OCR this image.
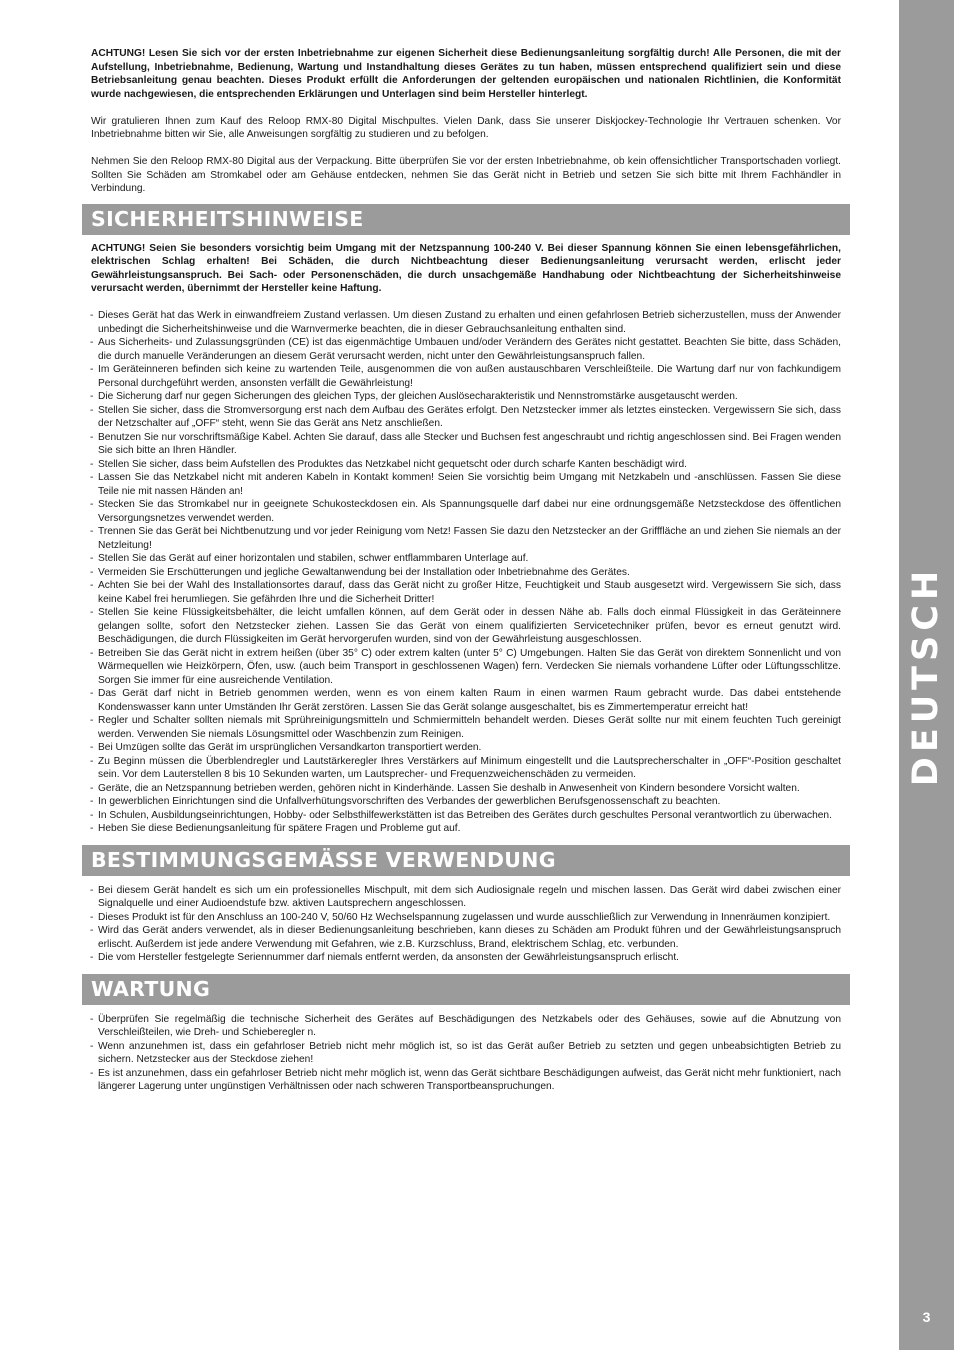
DEUTSCH
3

ACHTUNG! Lesen Sie sich vor der ersten Inbetriebnahme zur eigenen Sicherheit diese Bedienungsanleitung sorgfältig durch! Alle Personen, die mit der Aufstellung, Inbetriebnahme, Bedienung, Wartung und Instandhaltung dieses Gerätes zu tun haben, müssen entsprechend qualifiziert sein und diese Betriebsanleitung genau beachten. Dieses Produkt erfüllt die Anforderungen der geltenden europäischen und nationalen Richtlinien, die Konformität wurde nachgewiesen, die entsprechenden Erklärungen und Unterlagen sind beim Hersteller hinterlegt.

Wir gratulieren Ihnen zum Kauf des Reloop RMX-80 Digital Mischpultes. Vielen Dank, dass Sie unserer Diskjockey-Technologie Ihr Vertrauen schenken. Vor Inbetriebnahme bitten wir Sie, alle Anweisungen sorgfältig zu studieren und zu befolgen.

Nehmen Sie den Reloop RMX-80 Digital aus der Verpackung. Bitte überprüfen Sie vor der ersten Inbetriebnahme, ob kein offensichtlicher Transportschaden vorliegt. Sollten Sie Schäden am Stromkabel oder am Gehäuse entdecken, nehmen Sie das Gerät nicht in Betrieb und setzen Sie sich bitte mit Ihrem Fachhändler in Verbindung.

SICHERHEITSHINWEISE

ACHTUNG! Seien Sie besonders vorsichtig beim Umgang mit der Netzspannung 100-240 V. Bei dieser Spannung können Sie einen lebensgefährlichen, elektrischen Schlag erhalten! Bei Schäden, die durch Nichtbeachtung dieser Bedienungsanleitung verursacht werden, erlischt jeder Gewährleistungsanspruch. Bei Sach- oder Personenschäden, die durch unsachgemäße Handhabung oder Nichtbeachtung der Sicherheitshinweise verursacht werden, übernimmt der Hersteller keine Haftung.

- Dieses Gerät hat das Werk in einwandfreiem Zustand verlassen. Um diesen Zustand zu erhalten und einen gefahrlosen Betrieb sicherzustellen, muss der Anwender unbedingt die Sicherheitshinweise und die Warnvermerke beachten, die in dieser Gebrauchsanleitung enthalten sind.
- Aus Sicherheits- und Zulassungsgründen (CE) ist das eigenmächtige Umbauen und/oder Verändern des Gerätes nicht gestattet. Beachten Sie bitte, dass Schäden, die durch manuelle Veränderungen an diesem Gerät verursacht werden, nicht unter den Gewährleistungsanspruch fallen.
- Im Geräteinneren befinden sich keine zu wartenden Teile, ausgenommen die von außen austauschbaren Verschleißteile. Die Wartung darf nur von fachkundigem Personal durchgeführt werden, ansonsten verfällt die Gewährleistung!
- Die Sicherung darf nur gegen Sicherungen des gleichen Typs, der gleichen Auslösecharakteristik und Nennstromstärke ausgetauscht werden.
- Stellen Sie sicher, dass die Stromversorgung erst nach dem Aufbau des Gerätes erfolgt. Den Netzstecker immer als letztes einstecken. Vergewissern Sie sich, dass der Netzschalter auf „OFF“ steht, wenn Sie das Gerät ans Netz anschließen.
- Benutzen Sie nur vorschriftsmäßige Kabel. Achten Sie darauf, dass alle Stecker und Buchsen fest angeschraubt und richtig angeschlossen sind. Bei Fragen wenden Sie sich bitte an Ihren Händler.
- Stellen Sie sicher, dass beim Aufstellen des Produktes das Netzkabel nicht gequetscht oder durch scharfe Kanten beschädigt wird.
- Lassen Sie das Netzkabel nicht mit anderen Kabeln in Kontakt kommen! Seien Sie vorsichtig beim Umgang mit Netzkabeln und -anschlüssen. Fassen Sie diese Teile nie mit nassen Händen an!
- Stecken Sie das Stromkabel nur in geeignete Schukosteckdosen ein. Als Spannungsquelle darf dabei nur eine ordnungsgemäße Netzsteckdose des öffentlichen Versorgungsnetzes verwendet werden.
- Trennen Sie das Gerät bei Nichtbenutzung und vor jeder Reinigung vom Netz! Fassen Sie dazu den Netzstecker an der Grifffläche an und ziehen Sie niemals an der Netzleitung!
- Stellen Sie das Gerät auf einer horizontalen und stabilen, schwer entflammbaren Unterlage auf.
- Vermeiden Sie Erschütterungen und jegliche Gewaltanwendung bei der Installation oder Inbetriebnahme des Gerätes.
- Achten Sie bei der Wahl des Installationsortes darauf, dass das Gerät nicht zu großer Hitze, Feuchtigkeit und Staub ausgesetzt wird. Vergewissern Sie sich, dass keine Kabel frei herumliegen. Sie gefährden Ihre und die Sicherheit Dritter!
- Stellen Sie keine Flüssigkeitsbehälter, die leicht umfallen können, auf dem Gerät oder in dessen Nähe ab. Falls doch einmal Flüssigkeit in das Geräteinnere gelangen sollte, sofort den Netzstecker ziehen. Lassen Sie das Gerät von einem qualifizierten Servicetechniker prüfen, bevor es erneut genutzt wird. Beschädigungen, die durch Flüssigkeiten im Gerät hervorgerufen wurden, sind von der Gewährleistung ausgeschlossen.
- Betreiben Sie das Gerät nicht in extrem heißen (über 35° C) oder extrem kalten (unter 5° C) Umgebungen. Halten Sie das Gerät von direktem Sonnenlicht und von Wärmequellen wie Heizkörpern, Öfen, usw. (auch beim Transport in geschlossenen Wagen) fern. Verdecken Sie niemals vorhandene Lüfter oder Lüftungsschlitze. Sorgen Sie immer für eine ausreichende Ventilation.
- Das Gerät darf nicht in Betrieb genommen werden, wenn es von einem kalten Raum in einen warmen Raum gebracht wurde. Das dabei entstehende Kondenswasser kann unter Umständen Ihr Gerät zerstören. Lassen Sie das Gerät solange ausgeschaltet, bis es Zimmertemperatur erreicht hat!
- Regler und Schalter sollten niemals mit Sprühreinigungsmitteln und Schmiermitteln behandelt werden. Dieses Gerät sollte nur mit einem feuchten Tuch gereinigt werden. Verwenden Sie niemals Lösungsmittel oder Waschbenzin zum Reinigen.
- Bei Umzügen sollte das Gerät im ursprünglichen Versandkarton transportiert werden.
- Zu Beginn müssen die Überblendregler und Lautstärkeregler Ihres Verstärkers auf Minimum eingestellt und die Lautsprecherschalter in „OFF“-Position geschaltet sein. Vor dem Lauterstellen 8 bis 10 Sekunden warten, um Lautsprecher- und Frequenzweichenschäden zu vermeiden.
- Geräte, die an Netzspannung betrieben werden, gehören nicht in Kinderhände. Lassen Sie deshalb in Anwesenheit von Kindern besondere Vorsicht walten.
- In gewerblichen Einrichtungen sind die Unfallverhütungsvorschriften des Verbandes der gewerblichen Berufsgenossenschaft zu beachten.
- In Schulen, Ausbildungseinrichtungen, Hobby- oder Selbsthilfewerkstätten ist das Betreiben des Gerätes durch geschultes Personal verantwortlich zu überwachen.
- Heben Sie diese Bedienungsanleitung für spätere Fragen und Probleme gut auf.
BESTIMMUNGSGEMÄSSE VERWENDUNG
- Bei diesem Gerät handelt es sich um ein professionelles Mischpult, mit dem sich Audiosignale regeln und mischen lassen. Das Gerät wird dabei zwischen einer Signalquelle und einer Audioendstufe bzw. aktiven Lautsprechern angeschlossen.
- Dieses Produkt ist für den Anschluss an 100-240 V, 50/60 Hz Wechselspannung zugelassen und wurde ausschließlich zur Verwendung in Innenräumen konzipiert.
- Wird das Gerät anders verwendet, als in dieser Bedienungsanleitung beschrieben, kann dieses zu Schäden am Produkt führen und der Gewährleistungsanspruch erlischt. Außerdem ist jede andere Verwendung mit Gefahren, wie z.B. Kurzschluss, Brand, elektrischem Schlag, etc. verbunden.
- Die vom Hersteller festgelegte Seriennummer darf niemals entfernt werden, da ansonsten der Gewährleistungsanspruch erlischt.
WARTUNG
- Überprüfen Sie regelmäßig die technische Sicherheit des Gerätes auf Beschädigungen des Netzkabels oder des Gehäuses, sowie auf die Abnutzung von Verschleißteilen, wie Dreh- und Schieberegler n.
- Wenn anzunehmen ist, dass ein gefahrloser Betrieb nicht mehr möglich ist, so ist das Gerät außer Betrieb zu setzten und gegen unbeabsichtigten Betrieb zu sichern. Netzstecker aus der Steckdose ziehen!
- Es ist anzunehmen, dass ein gefahrloser Betrieb nicht mehr möglich ist, wenn das Gerät sichtbare Beschädigungen aufweist, das Gerät nicht mehr funktioniert, nach längerer Lagerung unter ungünstigen Verhältnissen oder nach schweren Transportbeanspruchungen.
